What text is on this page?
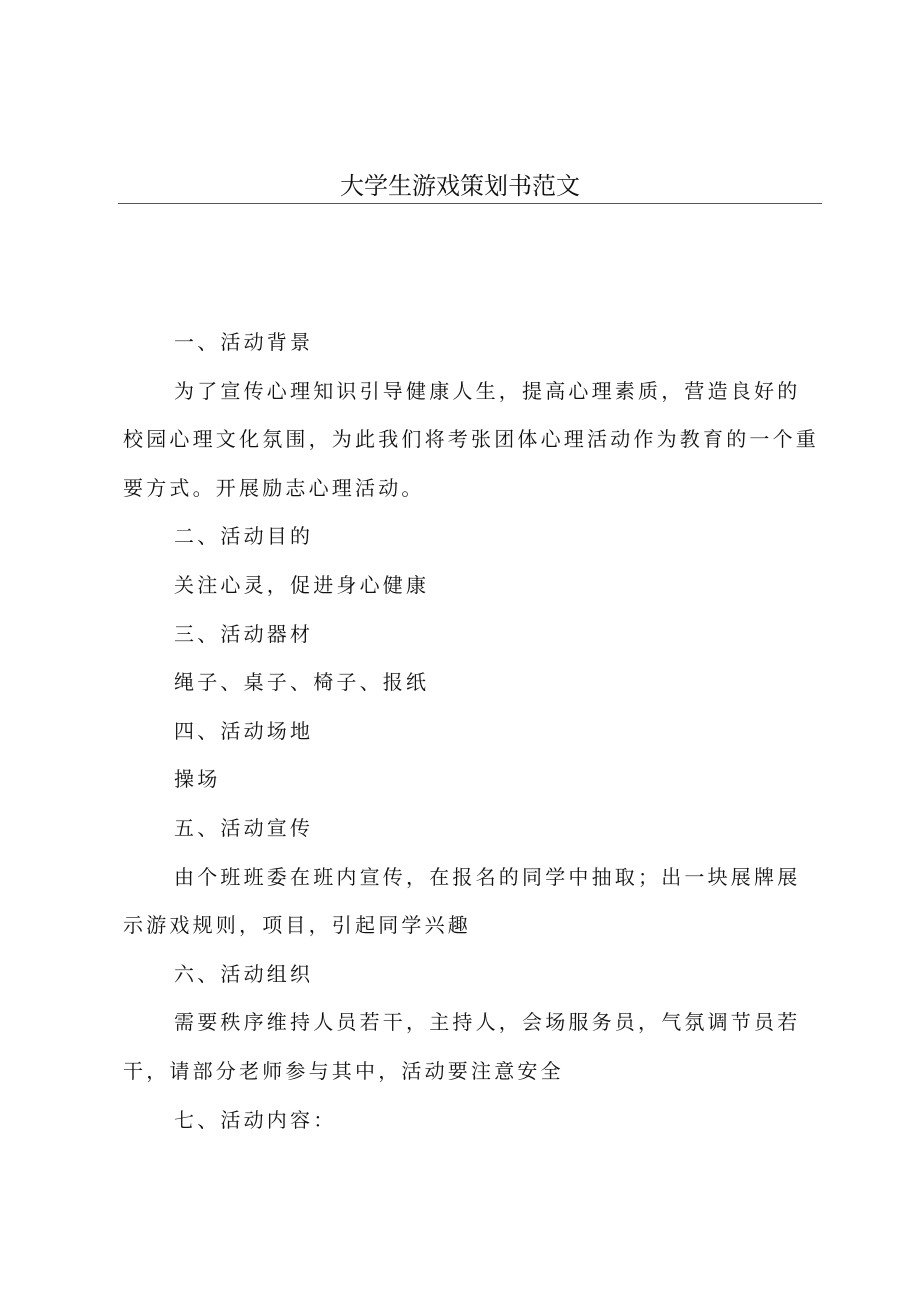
大学生游戏策划书范文

一、活动背景

为了宣传心理知识引导健康人生，提高心理素质，营造良好的校园心理文化氛围，为此我们将考张团体心理活动作为教育的一个重要方式。开展励志心理活动。

二、活动目的

关注心灵，促进身心健康

三、活动器材

绳子、桌子、椅子、报纸

四、活动场地

操场

五、活动宣传

由个班班委在班内宣传，在报名的同学中抽取；出一块展牌展示游戏规则，项目，引起同学兴趣

六、活动组织

需要秩序维持人员若干，主持人，会场服务员，气氛调节员若干，请部分老师参与其中，活动要注意安全

七、活动内容：
